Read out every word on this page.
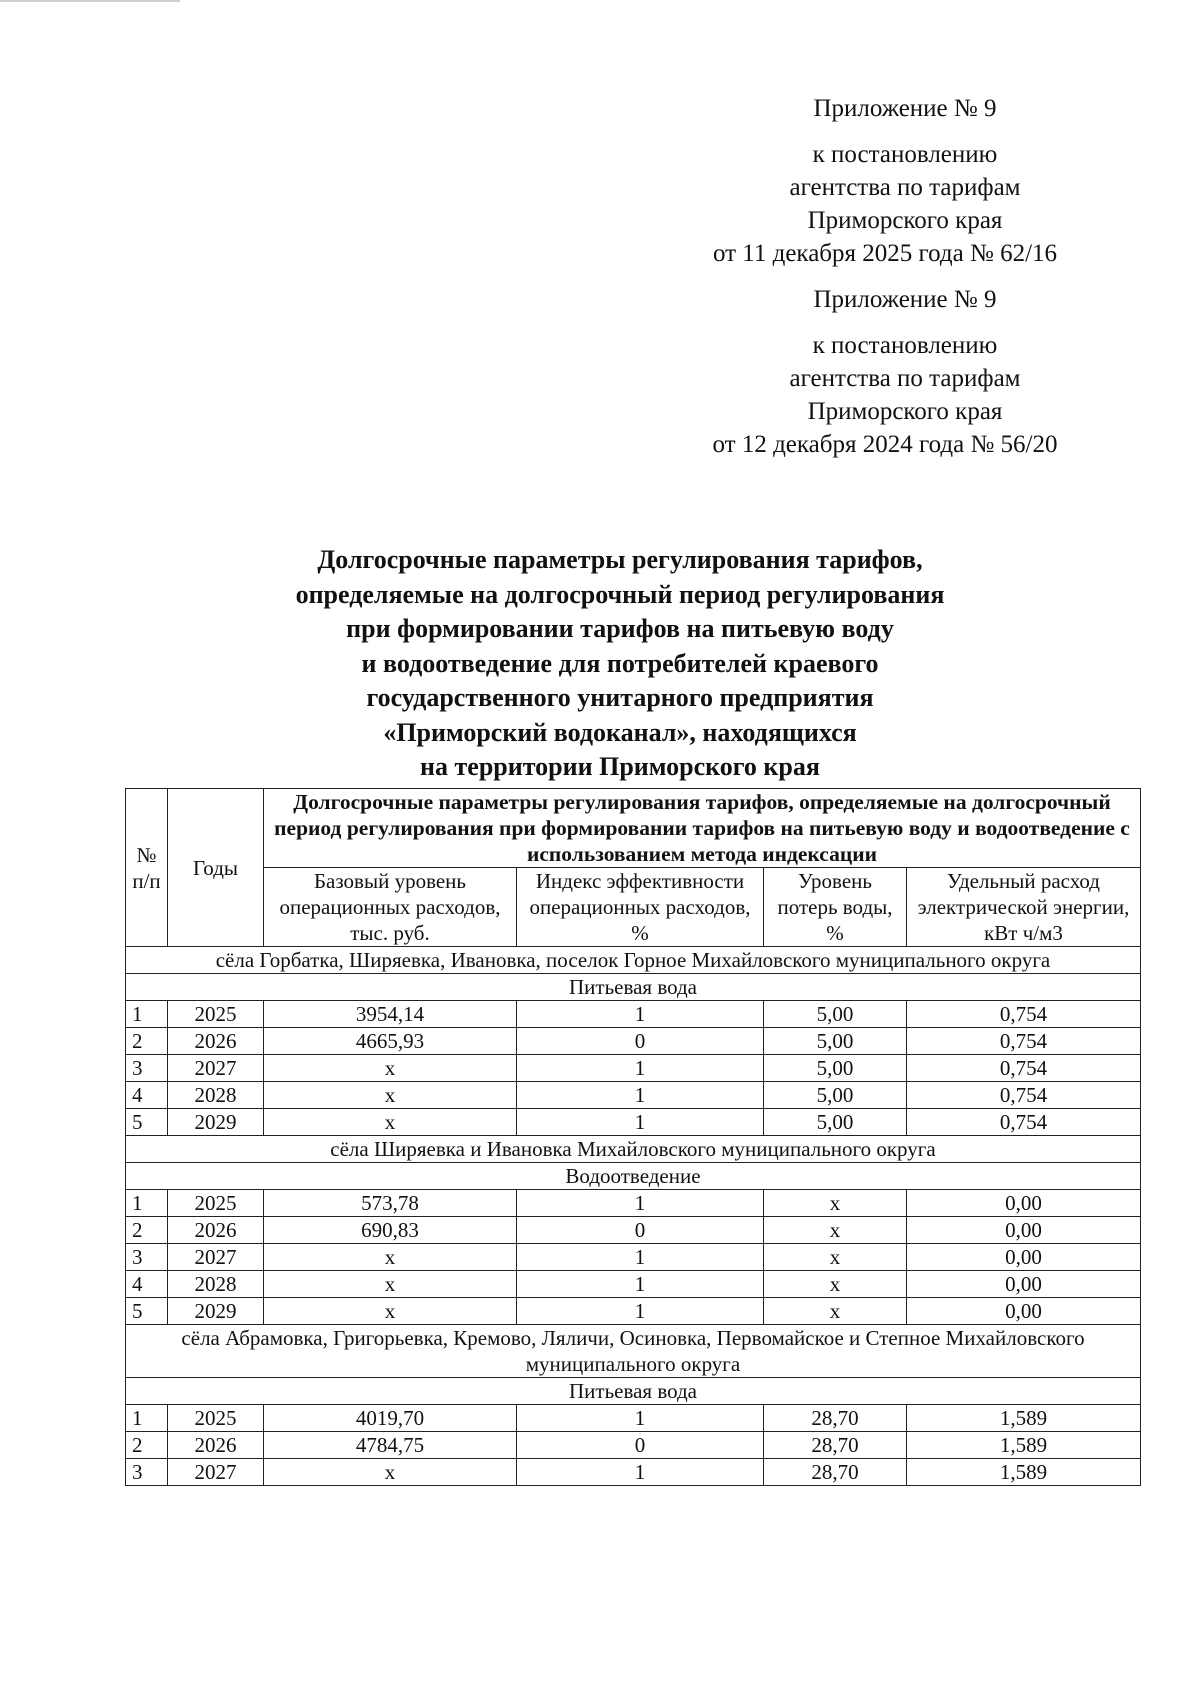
Приложение № 9
к постановлению
агентства по тарифам
Приморского края
от 11 декабря 2025 года № 62/16
Приложение № 9
к постановлению
агентства по тарифам
Приморского края
от 12 декабря 2024 года № 56/20
Долгосрочные параметры регулирования тарифов,
определяемые на долгосрочный период регулирования
при формировании тарифов на питьевую воду
и водоотведение для потребителей краевого
государственного унитарного предприятия
«Приморский водоканал», находящихся
на территории Приморского края
№ п/п	Годы	Долгосрочные параметры регулирования тарифов, определяемые на долгосрочный период регулирования при формировании тарифов на питьевую воду и водоотведение с использованием метода индексации			
		Базовый уровень операционных расходов, тыс. руб.	Индекс эффективности операционных расходов, %	Уровень потерь воды, %	Удельный расход электрической энергии, кВт ч/м3
сёла Горбатка, Ширяевка, Ивановка, поселок Горное Михайловского муниципального округа					
Питьевая вода					
1	2025	3954,14	1	5,00	0,754
2	2026	4665,93	0	5,00	0,754
3	2027	х	1	5,00	0,754
4	2028	х	1	5,00	0,754
5	2029	х	1	5,00	0,754
сёла Ширяевка и Ивановка Михайловского муниципального округа					
Водоотведение					
1	2025	573,78	1	х	0,00
2	2026	690,83	0	х	0,00
3	2027	х	1	х	0,00
4	2028	х	1	х	0,00
5	2029	х	1	х	0,00
сёла Абрамовка, Григорьевка, Кремово, Ляличи, Осиновка, Первомайское и Степное Михайловского муниципального округа					
Питьевая вода					
1	2025	4019,70	1	28,70	1,589
2	2026	4784,75	0	28,70	1,589
3	2027	х	1	28,70	1,589
